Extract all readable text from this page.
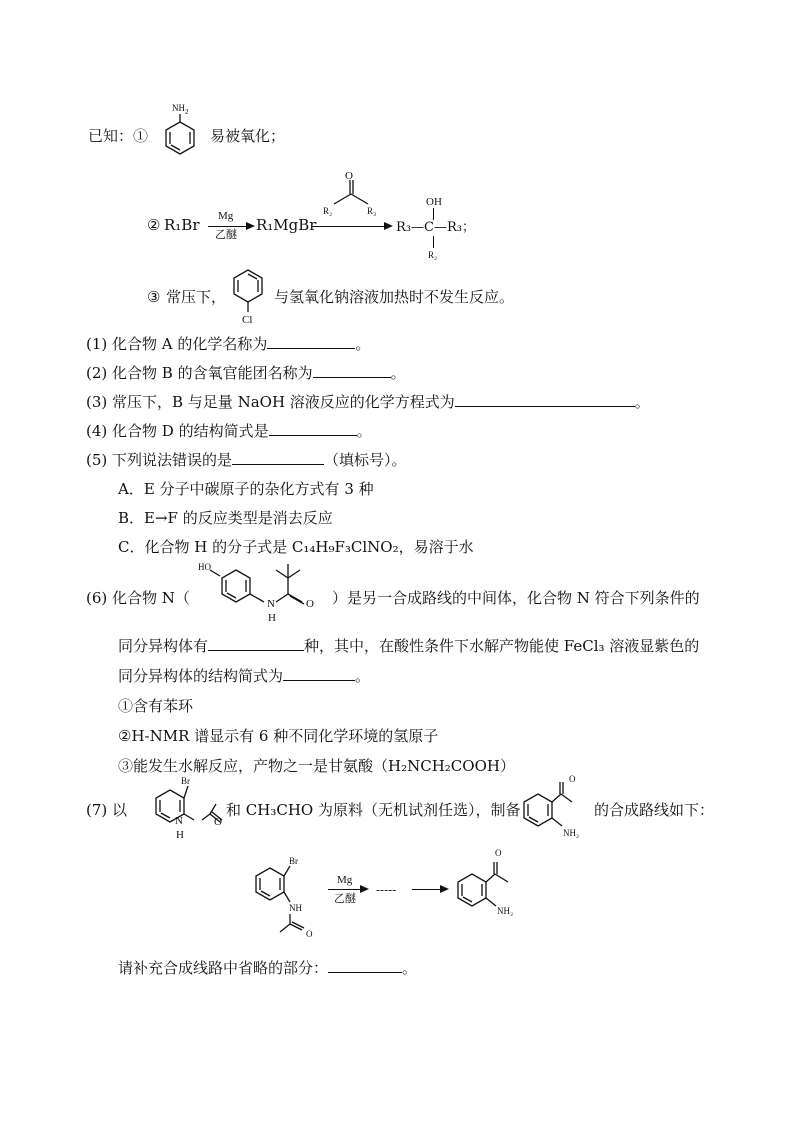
已知：①
$NH_2$
易被氧化；
② R₁Br Mg
乙醚
R₁MgBr
O
R₂	R₃
OH
R₃—C—R₃；
R₂
③ 常压下，
Cl
与氢氧化钠溶液加热时不发生反应。
(1) 化合物 A 的化学名称为	。
(2) 化合物 B 的含氧官能团名称为	。
(3) 常压下，B 与足量 NaOH 溶液反应的化学方程式为	。
(4) 化合物 D 的结构简式是	。
(5) 下列说法错误的是	（填标号）。
A．E 分子中碳原子的杂化方式有 3 种
B．E→F 的反应类型是消去反应
C．化合物 H 的分子式是 C₁₄H₉F₃ClNO₂，易溶于水
(6) 化合物 N（
HO
N
H
O ）是另一合成路线的中间体，化合物 N 符合下列条件的
同分异构体有	种，其中，在酸性条件下水解产物能使 FeCl₃ 溶液显紫色的
同分异构体的结构简式为	。
①含有苯环
②H-NMR 谱显示有 6 种不同化学环境的氢原子
③能发生水解反应，产物之一是甘氨酸（H₂NCH₂COOH）
(7) 以
Br
N
H
O
和 CH₃CHO 为原料（无机试剂任选），制备
O
NH₂
的合成路线如下：
Br
NH
O
Mg
乙醚
-----
O
NH₂
请补充合成线路中省略的部分：	。
